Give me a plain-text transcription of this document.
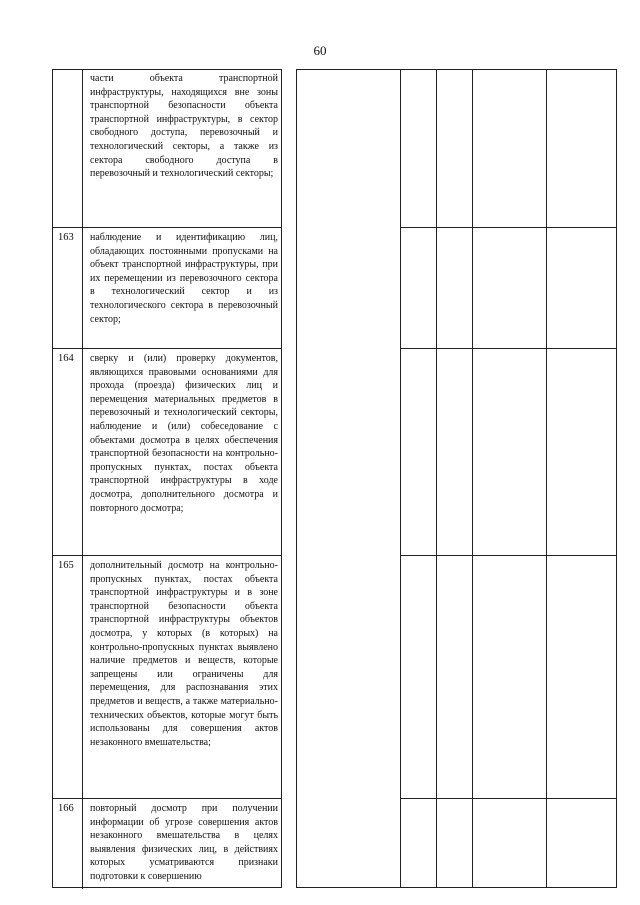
60
части объекта транспортной инфраструктуры, находящихся вне зоны транспортной безопасности объекта транспортной инфраструктуры, в сектор свободного доступа, перевозочный и технологический секторы, а также из сектора свободного доступа в перевозочный и технологический секторы;
163 наблюдение и идентификацию лиц, обладающих постоянными пропусками на объект транспортной инфраструктуры, при их перемещении из перевозочного сектора в технологический сектор и из технологического сектора в перевозочный сектор;
164 сверку и (или) проверку документов, являющихся правовыми основаниями для прохода (проезда) физических лиц и перемещения материальных предметов в перевозочный и технологический секторы, наблюдение и (или) собеседование с объектами досмотра в целях обеспечения транспортной безопасности на контрольно-пропускных пунктах, постах объекта транспортной инфраструктуры в ходе досмотра, дополнительного досмотра и повторного досмотра;
165 дополнительный досмотр на контрольно-пропускных пунктах, постах объекта транспортной инфраструктуры и в зоне транспортной безопасности объекта транспортной инфраструктуры объектов досмотра, у которых (в которых) на контрольно-пропускных пунктах выявлено наличие предметов и веществ, которые запрещены или ограничены для перемещения, для распознавания этих предметов и веществ, а также материально-технических объектов, которые могут быть использованы для совершения актов незаконного вмешательства;
166 повторный досмотр при получении информации об угрозе совершения актов незаконного вмешательства в целях выявления физических лиц, в действиях которых усматриваются признаки подготовки к совершению
